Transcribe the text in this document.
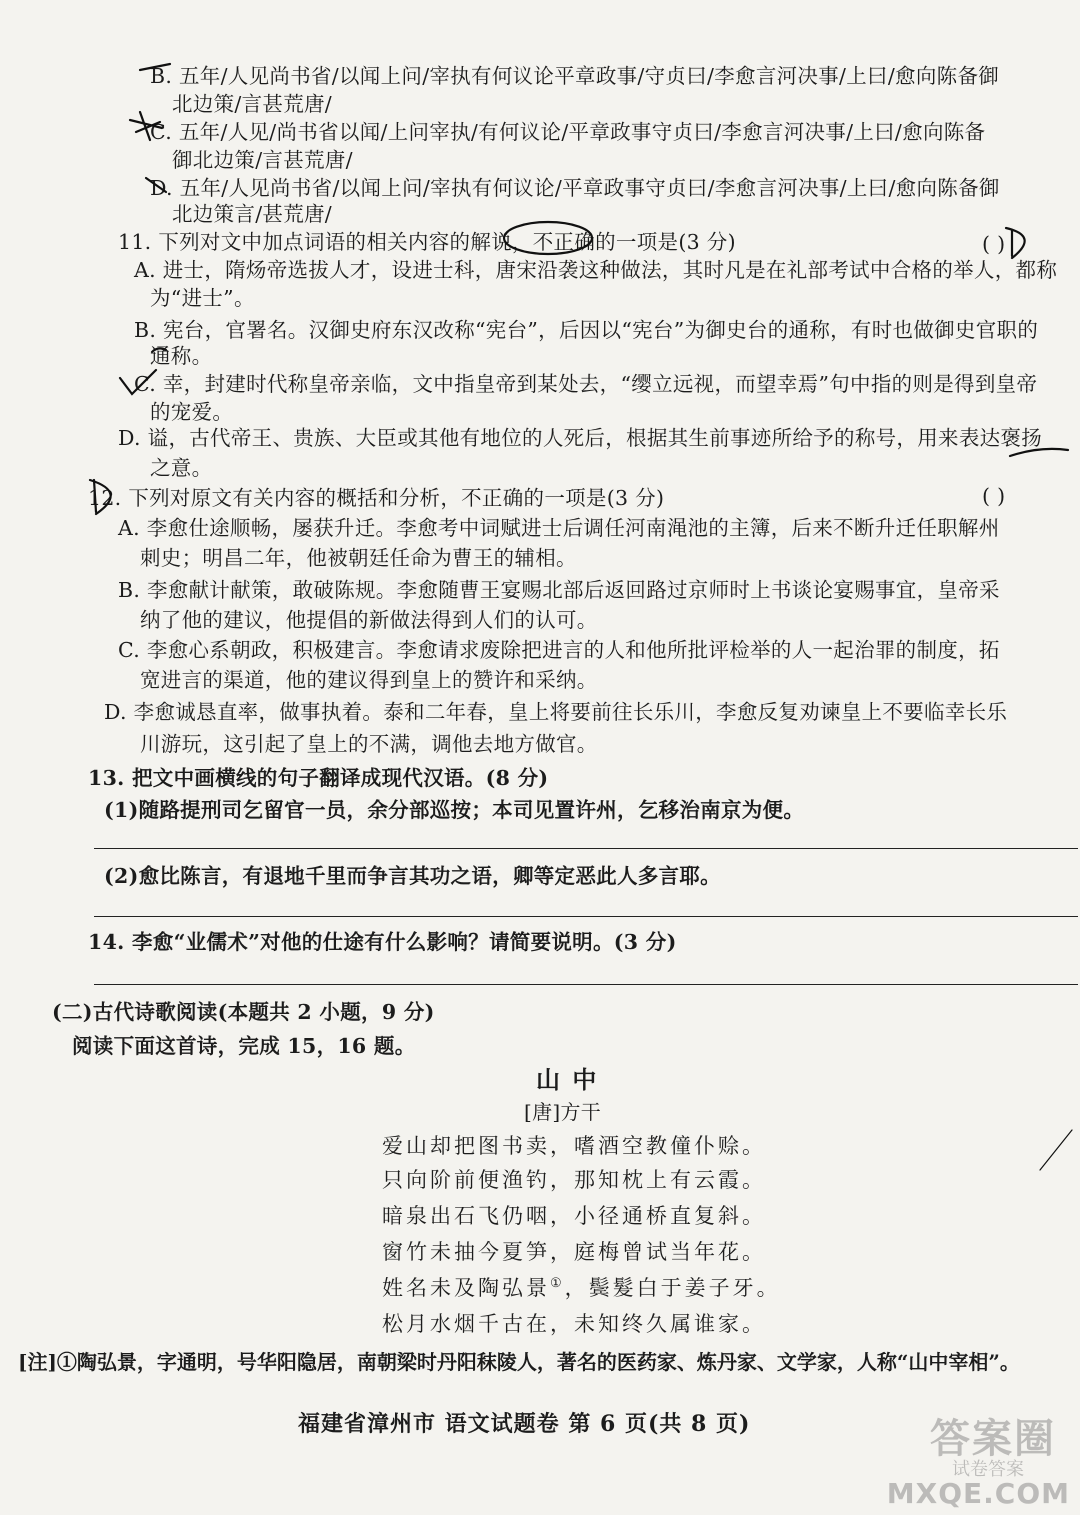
B. 五年/人见尚书省/以闻上问/宰执有何议论平章政事/守贞曰/李愈言河决事/上曰/愈向陈备御
北边策/言甚荒唐/
C. 五年/人见/尚书省以闻/上问宰执/有何议论/平章政事守贞曰/李愈言河决事/上曰/愈向陈备
御北边策/言甚荒唐/
D. 五年/人见尚书省/以闻上问/宰执有何议论/平章政事守贞曰/李愈言河决事/上曰/愈向陈备御
北边策言/甚荒唐/
11. 下列对文中加点词语的相关内容的解说，不正确的一项是(3 分)	( )
A. 进士，隋炀帝选拔人才，设进士科，唐宋沿袭这种做法，其时凡是在礼部考试中合格的举人，都称
为“进士”。
B. 宪台，官署名。汉御史府东汉改称“宪台”，后因以“宪台”为御史台的通称，有时也做御史官职的
通称。
C. 幸，封建时代称皇帝亲临，文中指皇帝到某处去，“缨立远视，而望幸焉”句中指的则是得到皇帝
的宠爱。
D. 谥，古代帝王、贵族、大臣或其他有地位的人死后，根据其生前事迹所给予的称号，用来表达褒扬
之意。
12. 下列对原文有关内容的概括和分析，不正确的一项是(3 分)	( )
A. 李愈仕途顺畅，屡获升迁。李愈考中词赋进士后调任河南渑池的主簿，后来不断升迁任职解州
刺史；明昌二年，他被朝廷任命为曹王的辅相。
B. 李愈献计献策，敢破陈规。李愈随曹王宴赐北部后返回路过京师时上书谈论宴赐事宜，皇帝采
纳了他的建议，他提倡的新做法得到人们的认可。
C. 李愈心系朝政，积极建言。李愈请求废除把进言的人和他所批评检举的人一起治罪的制度，拓
宽进言的渠道，他的建议得到皇上的赞许和采纳。
D. 李愈诚恳直率，做事执着。泰和二年春，皇上将要前往长乐川，李愈反复劝谏皇上不要临幸长乐
川游玩，这引起了皇上的不满，调他去地方做官。
13. 把文中画横线的句子翻译成现代汉语。(8 分)
(1)随路提刑司乞留官一员，余分部巡按；本司见置许州，乞移治南京为便。
(2)愈比陈言，有退地千里而争言其功之语，卿等定恶此人多言耶。
14. 李愈“业儒术”对他的仕途有什么影响？请简要说明。(3 分)
(二)古代诗歌阅读(本题共 2 小题，9 分)
阅读下面这首诗，完成 15，16 题。
山 中
[唐]方干
爱山却把图书卖，嗜酒空教僮仆赊。
只向阶前便渔钓，那知枕上有云霞。
暗泉出石飞仍咽，小径通桥直复斜。
窗竹未抽今夏笋，庭梅曾试当年花。
姓名未及陶弘景①，鬓髮白于姜子牙。
松月水烟千古在，未知终久属谁家。
[注]①陶弘景，字通明，号华阳隐居，南朝梁时丹阳秣陵人，著名的医药家、炼丹家、文学家，人称“山中宰相”。
福建省漳州市 语文试题卷 第 6 页(共 8 页)	答案圈
试卷答案
MXQE.COM
